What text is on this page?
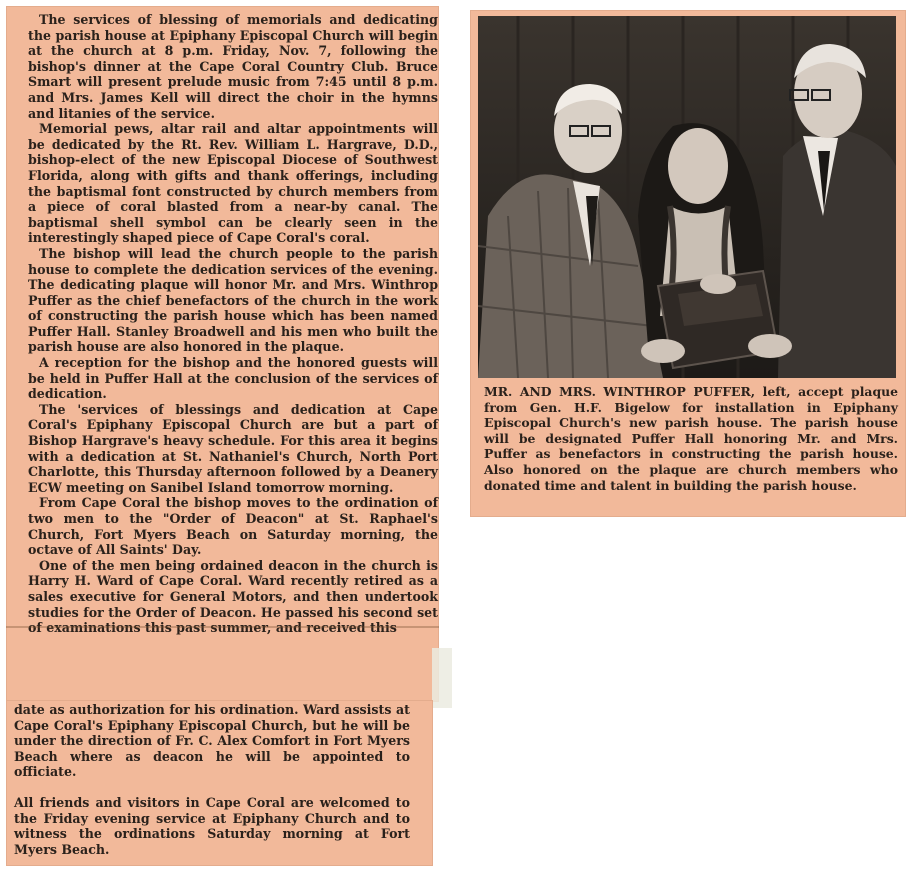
The services of blessing of memorials and dedicating the parish house at Epiphany Episcopal Church will begin at the church at 8 p.m. Friday, Nov. 7, following the bishop's dinner at the Cape Coral Country Club. Bruce Smart will present prelude music from 7:45 until 8 p.m. and Mrs. James Kell will direct the choir in the hymns and litanies of the service.

Memorial pews, altar rail and altar appointments will be dedicated by the Rt. Rev. William L. Hargrave, D.D., bishop-elect of the new Episcopal Diocese of Southwest Florida, along with gifts and thank offerings, including the baptismal font constructed by church members from a piece of coral blasted from a near-by canal. The baptismal shell symbol can be clearly seen in the interestingly shaped piece of Cape Coral's coral.

The bishop will lead the church people to the parish house to complete the dedication services of the evening. The dedicating plaque will honor Mr. and Mrs. Winthrop Puffer as the chief benefactors of the church in the work of constructing the parish house which has been named Puffer Hall. Stanley Broadwell and his men who built the parish house are also honored in the plaque.

A reception for the bishop and the honored guests will be held in Puffer Hall at the conclusion of the services of dedication.

The 'services of blessings and dedication at Cape Coral's Epiphany Episcopal Church are but a part of Bishop Hargrave's heavy schedule. For this area it begins with a dedication at St. Nathaniel's Church, North Port Charlotte, this Thursday afternoon followed by a Deanery ECW meeting on Sanibel Island tomorrow morning.

From Cape Coral the bishop moves to the ordination of two men to the "Order of Deacon" at St. Raphael's Church, Fort Myers Beach on Saturday morning, the octave of All Saints' Day.

One of the men being ordained deacon in the church is Harry H. Ward of Cape Coral. Ward recently retired as a sales executive for General Motors, and then undertook studies for the Order of Deacon. He passed his second set of examinations this past summer, and received this

date as authorization for his ordination. Ward assists at Cape Coral's Epiphany Episcopal Church, but he will be under the direction of Fr. C. Alex Comfort in Fort Myers Beach where as deacon he will be appointed to officiate.

All friends and visitors in Cape Coral are welcomed to the Friday evening service at Epiphany Church and to witness the ordinations Saturday morning at Fort Myers Beach.

MR. AND MRS. WINTHROP PUFFER, left, accept plaque from Gen. H.F. Bigelow for installation in Epiphany Episcopal Church's new parish house. The parish house will be designated Puffer Hall honoring Mr. and Mrs. Puffer as benefactors in constructing the parish house. Also honored on the plaque are church members who donated time and talent in building the parish house.
